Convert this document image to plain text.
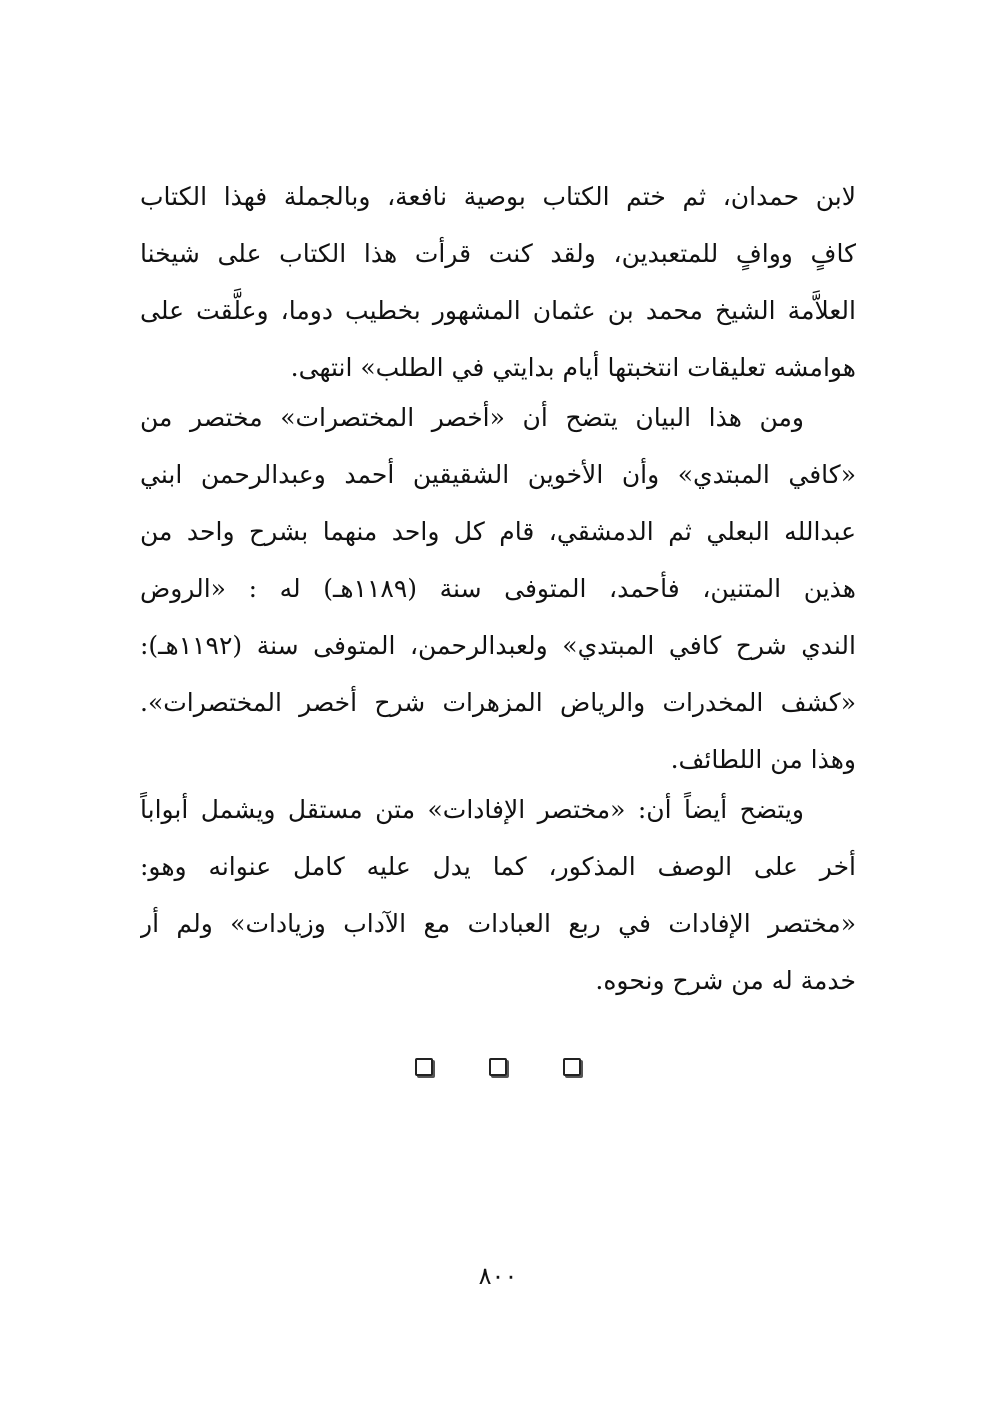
لابن حمدان، ثم ختم الكتاب بوصية نافعة، وبالجملة فهذا الكتاب
كافٍ ووافٍ للمتعبدين، ولقد كنت قرأت هذا الكتاب على شيخنا
العلاَّمة الشيخ محمد بن عثمان المشهور بخطيب دوما، وعلَّقت على
هوامشه تعليقات انتخبتها أيام بدايتي في الطلب» انتهى.
ومن هذا البيان يتضح أن «أخصر المختصرات» مختصر من
«كافي المبتدي» وأن الأخوين الشقيقين أحمد وعبدالرحمن ابني
عبدالله البعلي ثم الدمشقي، قام كل واحد منهما بشرح واحد من
هذين المتنين، فأحمد، المتوفى سنة (١١٨٩هـ) له : «الروض
الندي شرح كافي المبتدي» ولعبدالرحمن، المتوفى سنة (١١٩٢هـ):
«كشف المخدرات والرياض المزهرات شرح أخصر المختصرات».
وهذا من اللطائف.
ويتضح أيضاً أن: «مختصر الإفادات» متن مستقل ويشمل أبواباً
أخر على الوصف المذكور، كما يدل عليه كامل عنوانه وهو:
«مختصر الإفادات في ربع العبادات مع الآداب وزيادات» ولم أر
خدمة له من شرح ونحوه.
٨٠٠
